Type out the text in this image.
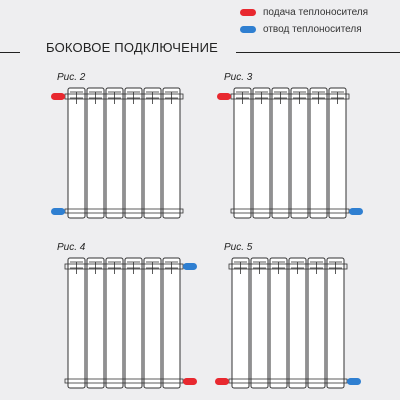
подача теплоносителя
отвод теплоносителя
БОКОВОЕ ПОДКЛЮЧЕНИЕ
Рис. 2	Рис. 3
Рис. 4	Рис. 5
